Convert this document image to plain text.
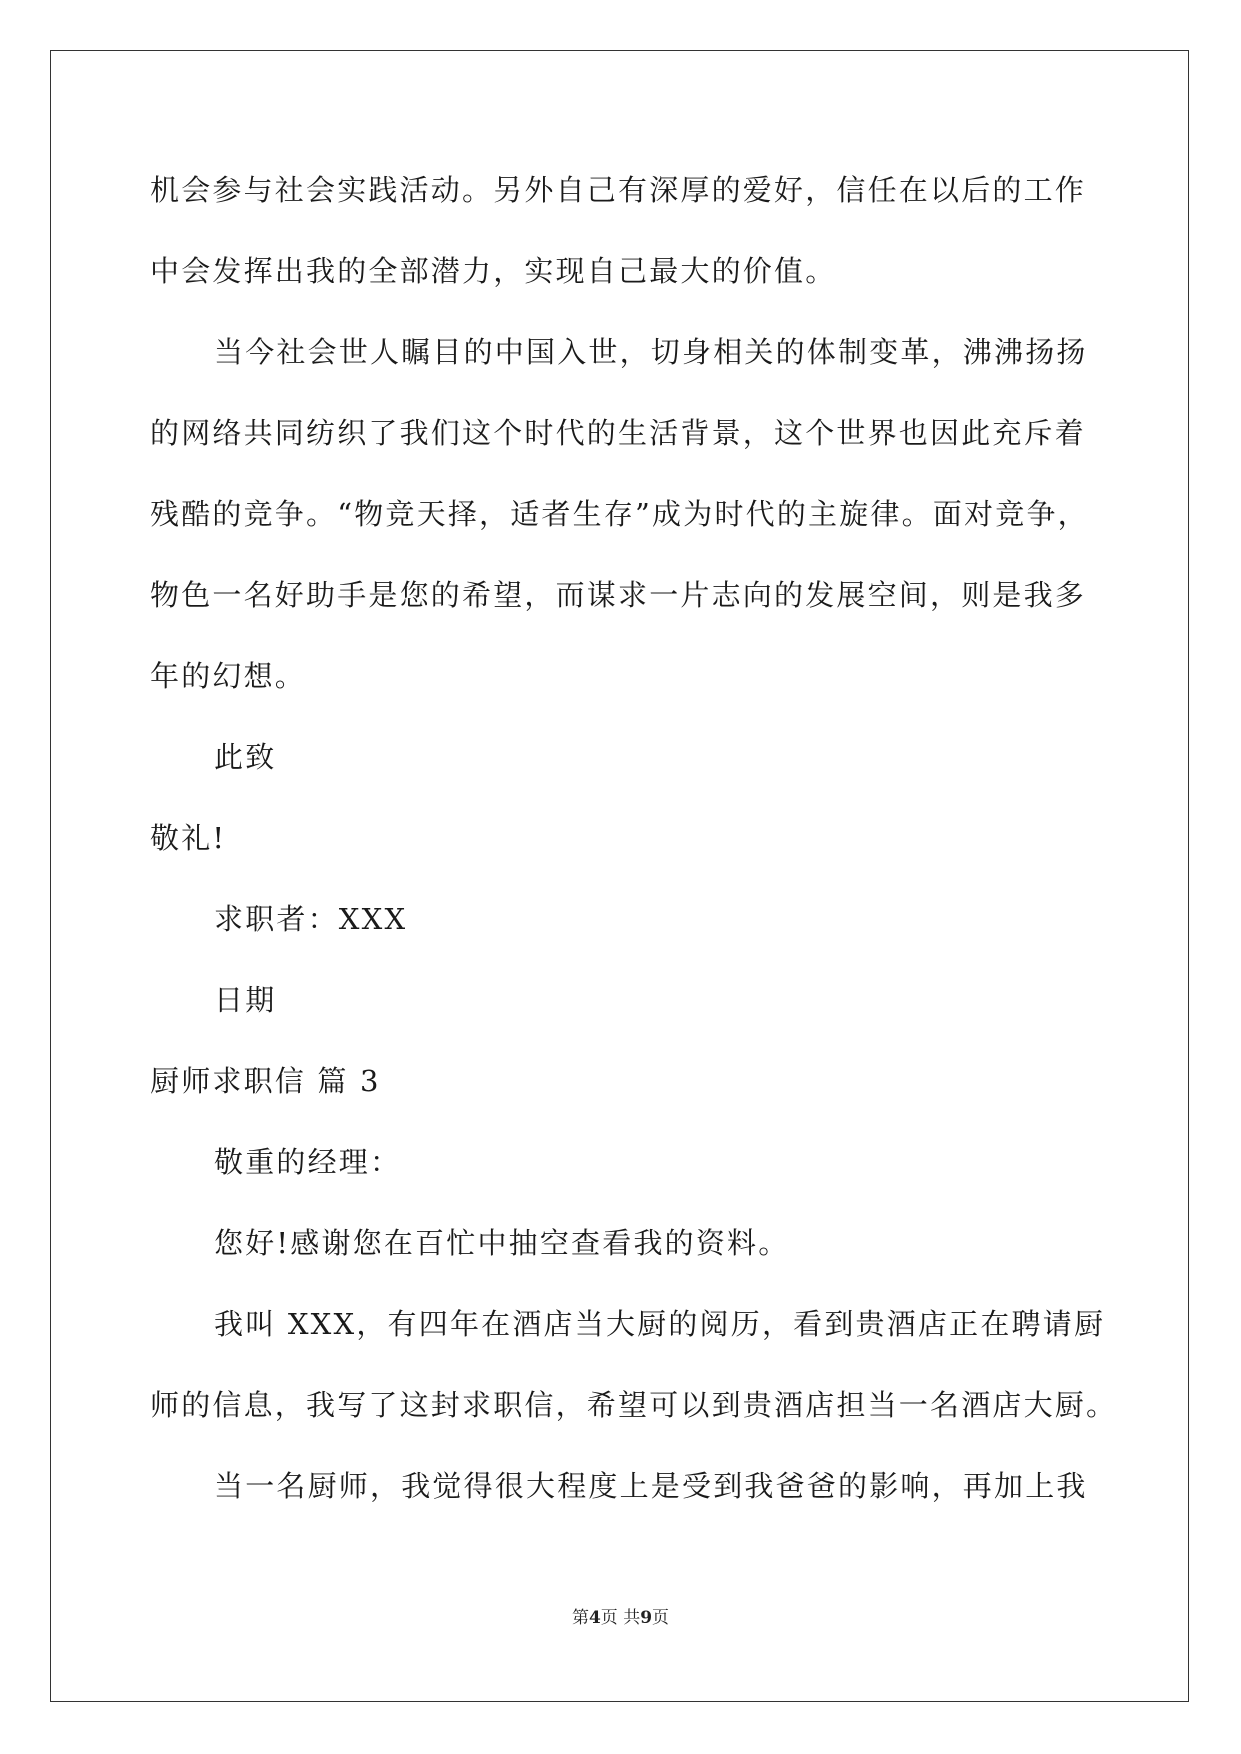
机会参与社会实践活动。另外自己有深厚的爱好，信任在以后的工作
中会发挥出我的全部潜力，实现自己最大的价值。
当今社会世人瞩目的中国入世，切身相关的体制变革，沸沸扬扬
的网络共同纺织了我们这个时代的生活背景，这个世界也因此充斥着
残酷的竞争。“物竞天择，适者生存”成为时代的主旋律。面对竞争，
物色一名好助手是您的希望，而谋求一片志向的发展空间，则是我多
年的幻想。
此致
敬礼!
求职者：XXX
日期
厨师求职信 篇 3
敬重的经理：
您好!感谢您在百忙中抽空查看我的资料。
我叫 XXX，有四年在酒店当大厨的阅历，看到贵酒店正在聘请厨
师的信息，我写了这封求职信，希望可以到贵酒店担当一名酒店大厨。
当一名厨师，我觉得很大程度上是受到我爸爸的影响，再加上我
第4页 共9页
